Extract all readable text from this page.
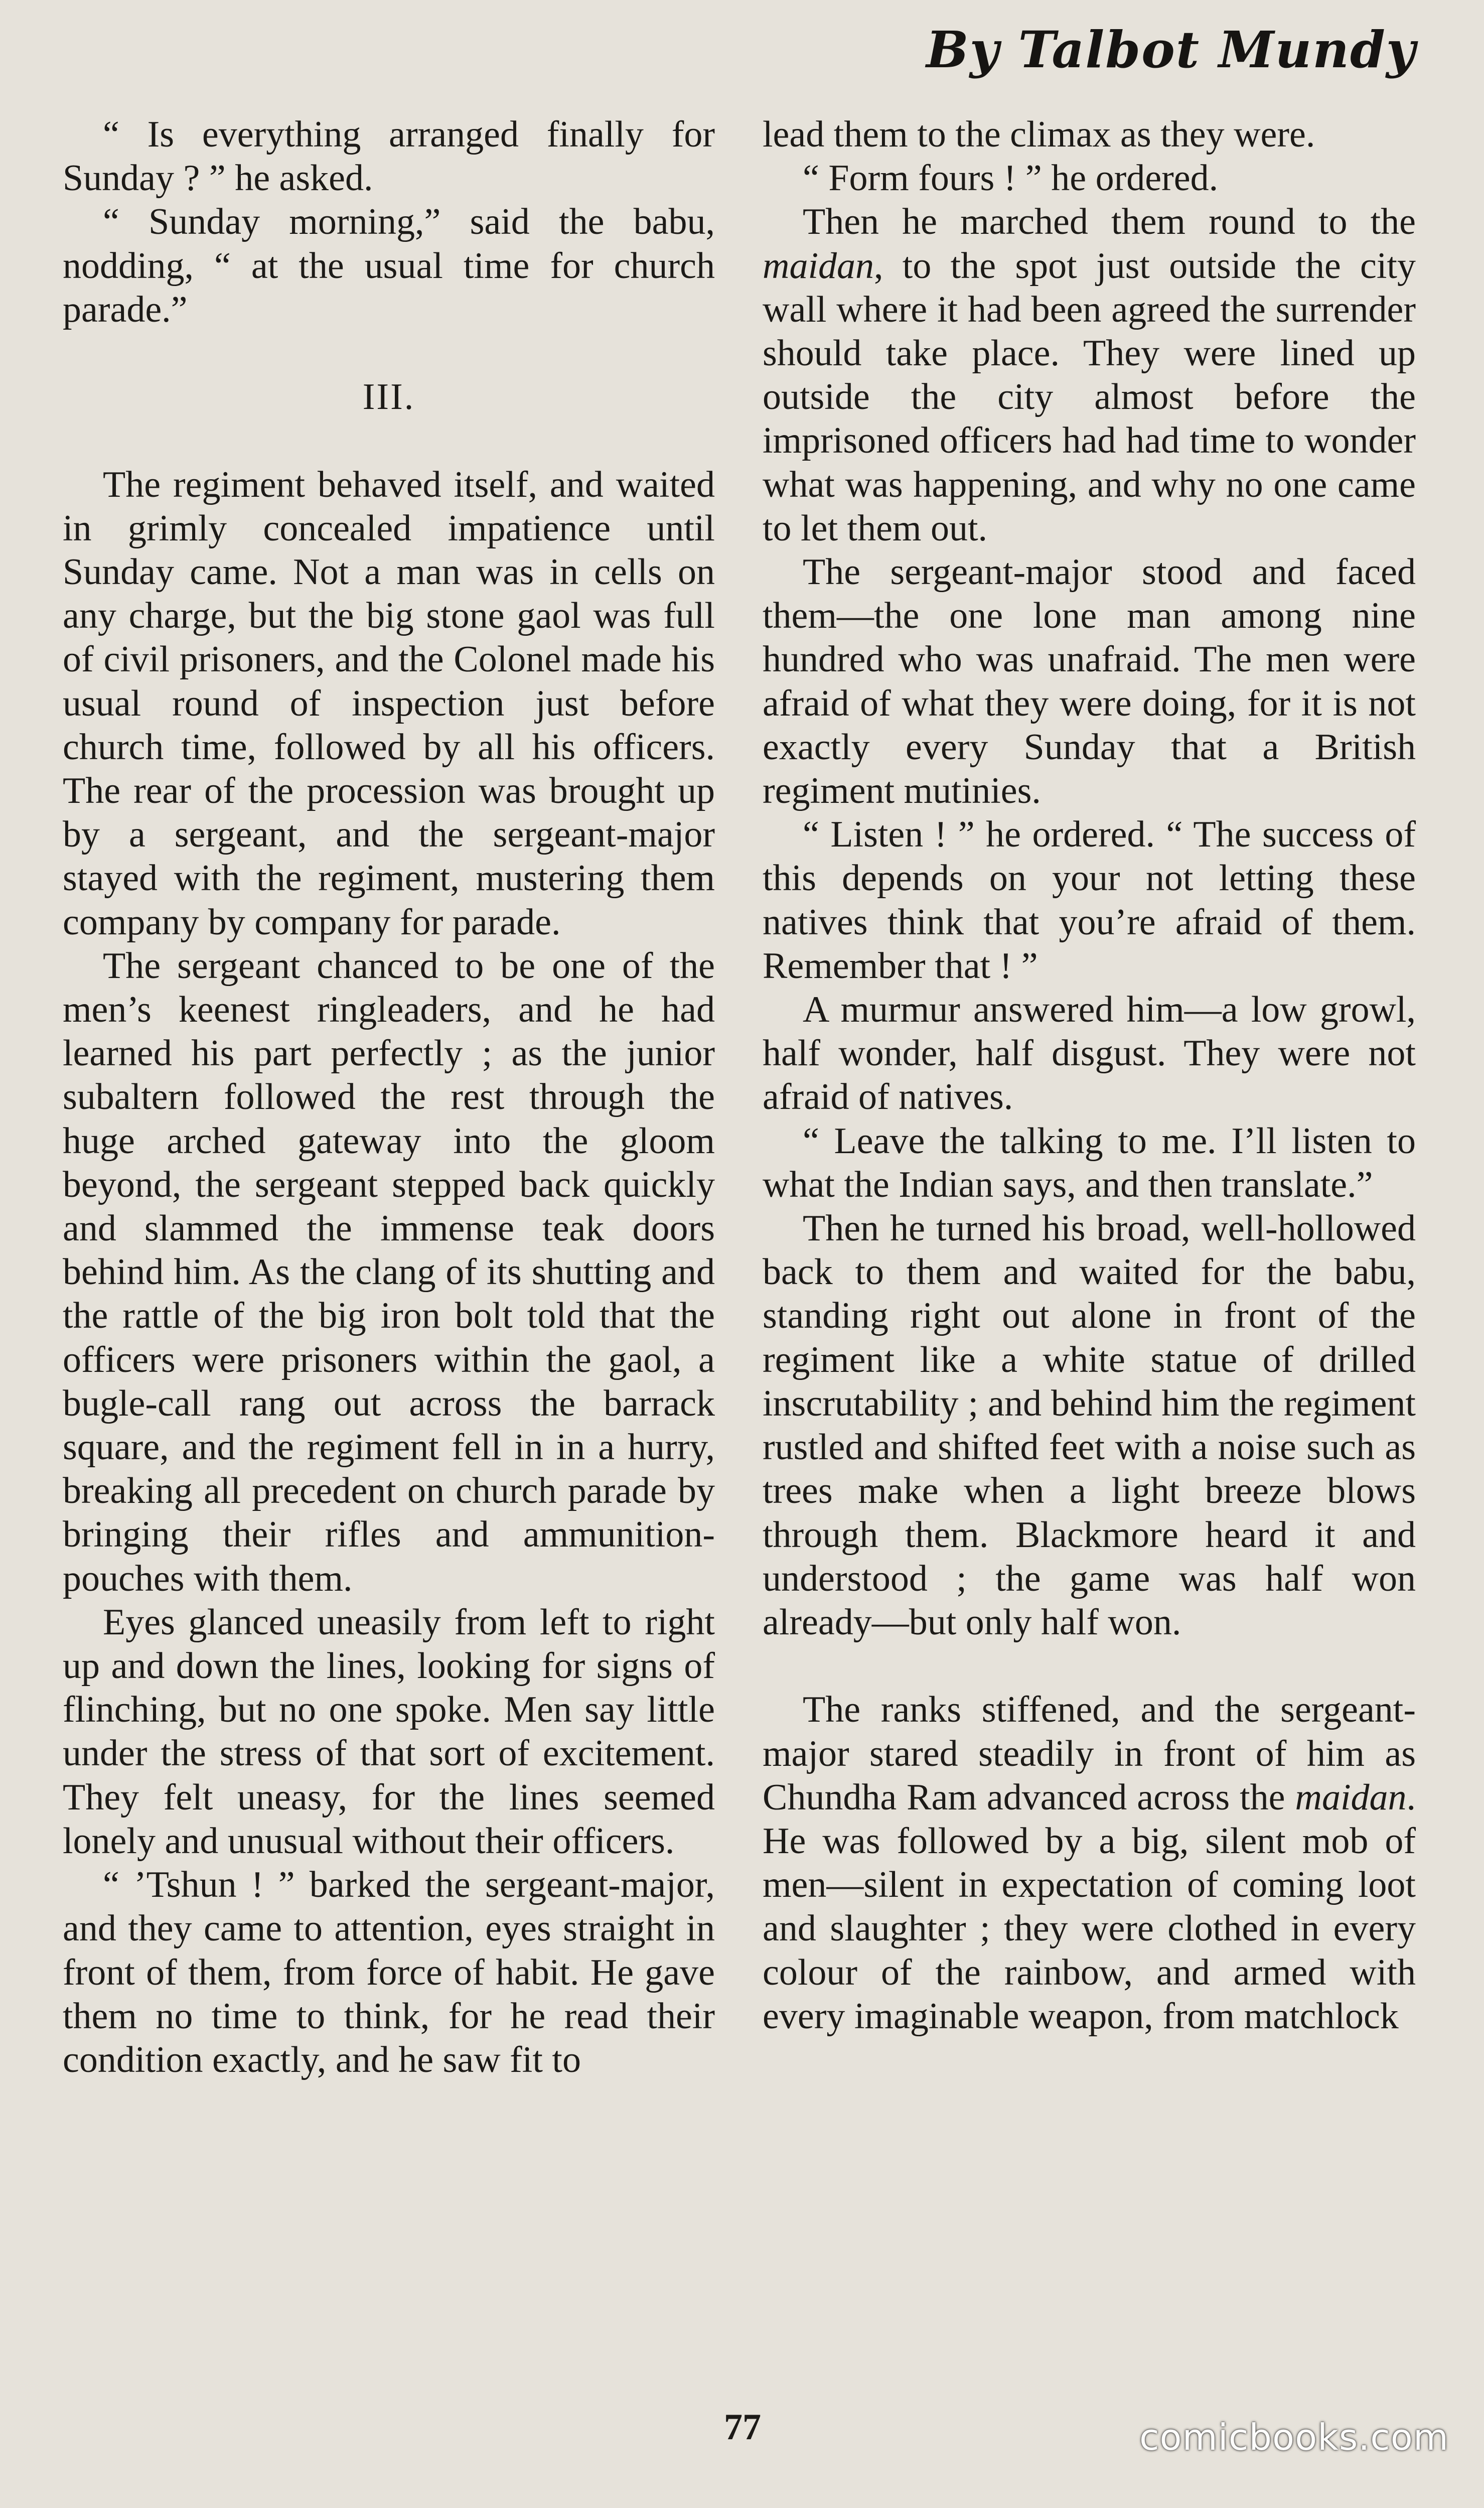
By Talbot Mundy

“ Is everything arranged finally for Sunday ? ” he asked.

“ Sunday morning,” said the babu, nodding, “ at the usual time for church parade.”

III.

The regiment behaved itself, and waited in grimly concealed impatience until Sunday came. Not a man was in cells on any charge, but the big stone gaol was full of civil prisoners, and the Colonel made his usual round of inspection just before church time, followed by all his officers. The rear of the procession was brought up by a sergeant, and the sergeant-major stayed with the regiment, mustering them company by company for parade.

The sergeant chanced to be one of the men’s keenest ringleaders, and he had learned his part perfectly ; as the junior subaltern followed the rest through the huge arched gateway into the gloom beyond, the sergeant stepped back quickly and slammed the immense teak doors behind him. As the clang of its shutting and the rattle of the big iron bolt told that the officers were prisoners within the gaol, a bugle-call rang out across the barrack square, and the regiment fell in in a hurry, breaking all precedent on church parade by bringing their rifles and ammunition-pouches with them.

Eyes glanced uneasily from left to right up and down the lines, looking for signs of flinching, but no one spoke. Men say little under the stress of that sort of excitement. They felt uneasy, for the lines seemed lonely and unusual without their officers.

“ ’Tshun ! ” barked the sergeant-major, and they came to attention, eyes straight in front of them, from force of habit. He gave them no time to think, for he read their condition exactly, and he saw fit to

lead them to the climax as they were.

“ Form fours ! ” he ordered.

Then he marched them round to the maidan, to the spot just outside the city wall where it had been agreed the surrender should take place. They were lined up outside the city almost before the imprisoned officers had had time to wonder what was happening, and why no one came to let them out.

The sergeant-major stood and faced them—the one lone man among nine hundred who was unafraid. The men were afraid of what they were doing, for it is not exactly every Sunday that a British regiment mutinies.

“ Listen ! ” he ordered. “ The success of this depends on your not letting these natives think that you’re afraid of them. Remember that ! ”

A murmur answered him—a low growl, half wonder, half disgust. They were not afraid of natives.

“ Leave the talking to me. I’ll listen to what the Indian says, and then translate.”

Then he turned his broad, well-hollowed back to them and waited for the babu, standing right out alone in front of the regiment like a white statue of drilled inscrutability ; and behind him the regiment rustled and shifted feet with a noise such as trees make when a light breeze blows through them. Blackmore heard it and understood ; the game was half won already—but only half won.

The ranks stiffened, and the sergeant-major stared steadily in front of him as Chundha Ram advanced across the maidan. He was followed by a big, silent mob of men—silent in expectation of coming loot and slaughter ; they were clothed in every colour of the rainbow, and armed with every imaginable weapon, from matchlock

77	comicbooks.com
